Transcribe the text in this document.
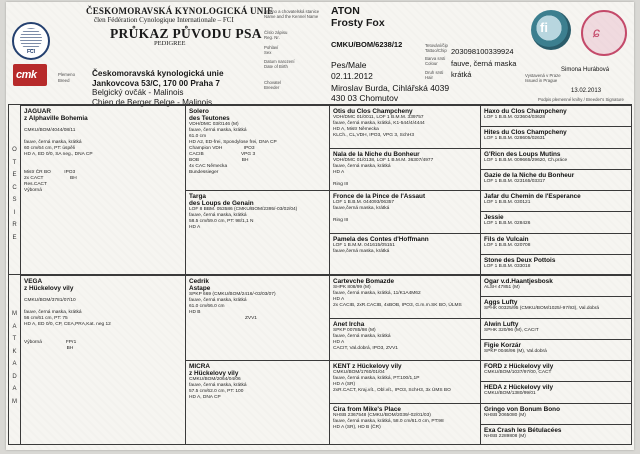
FCI
cmk
ČESKOMORAVSKÁ KYNOLOGICKÁ UNIE
člen Fédération Cynologique Internationale – FCI
PRŮKAZ PŮVODU PSA
PEDIGREE
Plemeno
Breed
Českomoravská kynologická unie
Jankovcova 53/C, 170 00 Praha 7
Belgický ovčák - Malinois
Chien de Berger Belge - Malinois
Jméno a chovatelská stanice
Name and the Kennel Name
Číslo zápisu
Reg. Nr.
Pohlaví
Sex
Datum narození
Date of Birth
Chovatel
Breeder
ATON
Frosty Fox
CMKU/BOM/6238/12
Pes/Male
02.11.2012
Miroslav Burda, Cihlářská 4039
430 03 Chomutov
Tetování/čip
Tattoo/Chip
Barva srsti
Colour
Druh srsti
Hair	Vystavená v Praze
Issued in Prague
Podpis plemenné knihy / Breeder's Signature
203098100339924
fauve, černá maska
krátká	Simona Hurábová
13.02.2013
fi	ɕ
O
T
E
C
S
I
R
E
M
A
T
K
A
D
A
M
JAGUAR
z Alphaville Bohemia

CMKU/BOM/4044/08/11

fauve, černá maska, krátká
60 cm/64 cm, PT: úspěli
HD A, ED 0/0, SA neg., DNA CP

Mistr ČR BO          IPO3
2x CACT                    BH
Res.CACT
Výborná
VEGA
z Hückelovy vily

CMKU/BOM/3781/07/10

fauve, černá maska, krátká
56 cm/61 cm, PT: 75
HD A, ED 0/0, CP, CEA,PRA,Kat. neg 12

Výborná                  FPr1
BH
Solero
des Teutones
VDH/DMC 03/0146 (M)
fauve, černá maska, krátká
61.0 cm
HD A2, ED-frei, Spondylose frei, DNA CP
Champion VDH                IPO3
CACIB                            VPG 3
BOB                                BH
4x CAC Německa
Bundessieger
Targa
des Loups de Genain
LOF 8 BBM. 053586 (CMKU/BOM/2395/-03/02/04)
fauve, černá maska, krátká
58.5 cm/59.0 cm, PT: 98/1,1 N
HD A
Cedrik
Astape
SPKP 669 (CMKU/BOM/2416/-03/03/07)
fauve, černá maska, krátká
61.0 cm/66.0 cm
HD B
ZVV1
MICRA
z Hückelovy vily
CMKU/BOM/2064/04/06
fauve, černá maska, krátká
57.5 cm/62.0 cm, PT: 100
HD A, DNA CP
Otis du Clos Champcheny
VDH/DMC 01/0011, LOF 1 B.M.M. 339757
fauve, černá maska, krátká, K1-544/4/4444
HD A, Mistr Německa
KLCh., CL,VDH, IPO3, VPG 3, SchH3
Nala de la Niche du Bonheur
VDH/DMC 01/0138, LOF 1 B.M.M. 36307/4977
fauve, černá maska, krátká
HD A

Ring III
Fronce de la Pince de l'Assaut
LOF 1 B.B.M. 044093/06357
fauve,černá maska, krátká

Ring III
Pamela des Contes d'Hoffmann
LOF 1 B.M.M. 041615/05151
fauve,černá maska, krátká
Cartevche Bomazde
SHPK 808/99 (M)
fauve, černá maska, krátká, 11/K1A4M62
HD A
2x CACIB, 2xR.CACIB, 4xBOB, IPO3, G.m.m.SK BO, ÚLMS
Anet Ircha
SPKP 00785/98 (M)
fauve, černá maska, krátká
HD A
CACIT, Val.dobrá, IPO3, ZVV1
KENT z Hückelovy vily
CMKU/BOM/1760/01/04
fauve, černá maska, krátká, PT:100/1,1P
HD A (SR)
2xR.CACT, Kraj.vít., Obl.vít., IPO3, SchH3, 3x ÚMS BO
Cira from Mike's Place
NHSB 2367548 (CMKU/BOM/2039/-02/01/03)
fauve, černá maska, krátká, 58.0 cm/61.0 cm, PT:98
HD A (SR), HD B (ČR)
Haxo du Clos Champcheny
LOF 1 B.B.M. 023604/03628
Hites du Clos Champcheny
LOF 1 B.B.M. 028605/02631
G'Ricn des Loups Mutins
LOF 1 B.B.M. 009665/29620, Ch.práce
Gazie de la Niche du Bonheur
LOF 1 B.B.M. 023165/03317
Jafar du Chemin de l'Esperance
LOF 1 B.B.M. 030121
Jessie
LOF 1 B.B.M. 028426
Fils de Vulcain
LOF 1 B.B.M. 020708
Stone des Deux Pottois
LOF 1 B.B.M. 033018
Ogar v.d.Haantjesbosk
ALSH 47851 (M)
Aggs Lufty
SPHK 00325/95 (CMKU/BOM/1025/-97/93), Val.dobrá
Alwin Lufty
SPHK 320/96 (M), CACIT
Figie Korzár
SPKP 0046/96 (M), Val.dobrá
FORD z Hückelovy vily
CMKU/BOM/1037/97/00, CACT
HEDA z Hückelovy vily
CMKU/BOM/1380/99/01
Gringo von Bonum Bono
NHSB 2065080 (M)
Exa Crash les Bétulacées
NHSB 2289808 (M)
